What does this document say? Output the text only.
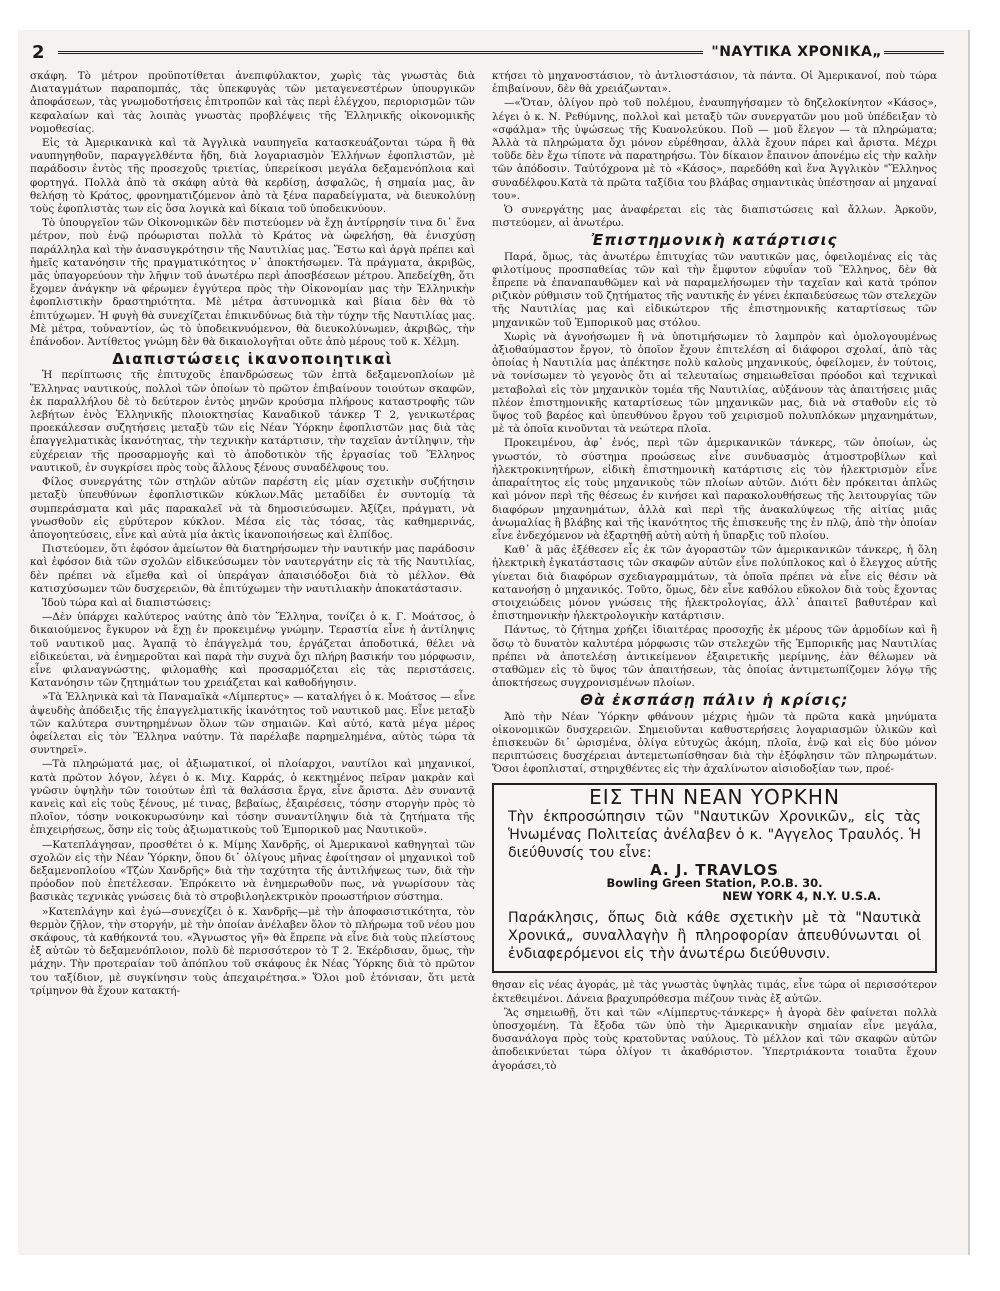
2	"ΝΑΥΤΙΚΑ ΧΡΟΝΙΚΑ„

σκάφη. Τὸ μέτρον προϋποτίθεται ἀνεπιφύλακτον, χωρὶς τὰς γνωστὰς διὰ Διαταγμάτων παραπομπάς, τὰς ὑπεκφυγὰς τῶν μεταγενεστέρων ὑπουργικῶν ἀποφάσεων, τὰς γνωμοδοτήσεις ἐπιτροπῶν καὶ τὰς περὶ ἐλέγχου, περιορισμῶν τῶν κεφαλαίων καὶ τὰς λοιπὰς γνωστὰς προβλέψεις τῆς Ἑλληνικῆς οἰκονομικῆς νομοθεσίας.

Εἰς τὰ Ἀμερικανικὰ καὶ τὰ Ἀγγλικὰ ναυπηγεῖα κατασκευάζονται τώρα ἢ θὰ ναυπηγηθοῦν, παραγγελθέντα ἤδη, διὰ λογαριασμὸν Ἑλλήνων ἐφοπλιστῶν, μὲ παράδοσιν ἐντὸς τῆς προσεχοῦς τριετίας, ὑπερείκοσι μεγάλα δεξαμενόπλοια καὶ φορτηγά. Πολλὰ ἀπὸ τὰ σκάφη αὐτὰ θὰ κερδίσῃ, ἀσφαλῶς, ἡ σημαία μας, ἂν θελήσῃ τὸ Κράτος, φρονηματιζόμενον ἀπὸ τὰ ξένα παραδείγματα, νὰ διευκολύνῃ τοὺς ἐφοπλιστὰς των εἰς ὅσα λογικὰ καὶ δίκαια τοῦ ὑποδεικνύουν.

Τὸ ὑπουργεῖον τῶν Οἰκονομικῶν δὲν πιστεύομεν νὰ ἔχῃ ἀντίρρησίν τινα δι᾽ ἕνα μέτρον, ποὺ ἐνῷ πρόωρισται πολλὰ τὸ Κράτος νὰ ὠφελήσῃ, θὰ ἐνισχύσῃ παράλληλα καὶ τὴν ἀνασυγκρότησιν τῆς Ναυτιλίας μας. Ἔστω καὶ ἀργὰ πρέπει καὶ ἡμεῖς κατανόησιν τῆς πραγματικότητος ν᾽ ἀποκτήσωμεν. Τὰ πράγματα, ἀκριβῶς, μᾶς ὑπαγορεύουν τὴν λῆψιν τοῦ ἀνωτέρω περὶ ἀποσβέσεων μέτρου. Ἀπεδείχθη, ὅτι ἔχομεν ἀνάγκην νὰ φέρωμεν ἐγγύτερα πρὸς τὴν Οἰκονομίαν μας τὴν Ἑλληνικὴν ἐφοπλιστικὴν δραστηριότητα. Μὲ μέτρα ἀστυνομικὰ καὶ βίαια δὲν θὰ τὸ ἐπιτύχωμεν. Ἡ φυγὴ θὰ συνεχίζεται ἐπικινδύνως διὰ τὴν τύχην τῆς Ναυτιλίας μας. Μὲ μέτρα, τοὐναντίον, ὡς τὸ ὑποδεικνυόμενον, θὰ διευκολύνωμεν, ἀκριβῶς, τὴν ἐπάνοδον. Ἀντίθετος γνώμη δὲν θὰ δικαιολογῆται οὔτε ἀπὸ μέρους τοῦ κ. Χέλμη.

Διαπιστώσεις ἱκανοποιητικαὶ

Ἡ περίπτωσις τῆς ἐπιτυχοῦς ἐπανδρώσεως τῶν ἑπτὰ δεξαμενοπλοίων μὲ Ἕλληνας ναυτικούς, πολλοὶ τῶν ὁποίων τὸ πρῶτον ἐπιβαίνουν τοιούτων σκαφῶν, ἐκ παραλλήλου δὲ τὸ δεύτερον ἐντὸς μηνῶν κρούσμα πλήρους καταστροφῆς τῶν λεβήτων ἑνὸς Ἑλληνικῆς πλοιοκτησίας Καναδικοῦ τάνκερ Τ 2, γενικωτέρας προεκάλεσαν συζητήσεις μεταξὺ τῶν εἰς Νέαν Ὑόρκην ἐφοπλιστῶν μας διὰ τὰς ἐπαγγελματικὰς ἱκανότητας, τὴν τεχνικὴν κατάρτισιν, τὴν ταχεῖαν ἀντίληψιν, τὴν εὐχέρειαν τῆς προσαρμογῆς καὶ τὸ ἀποδοτικὸν τῆς ἐργασίας τοῦ Ἕλληνος ναυτικοῦ, ἐν συγκρίσει πρὸς τοὺς ἄλλους ξένους συναδέλφους του.

Φίλος συνεργάτης τῶν στηλῶν αὐτῶν παρέστη εἰς μίαν σχετικὴν συζήτησιν μεταξὺ ὑπευθύνων ἐφοπλιστικῶν κύκλων.Μᾶς μεταδίδει ἐν συντομίᾳ τὰ συμπεράσματα καὶ μᾶς παρακαλεῖ νὰ τὰ δημοσιεύσωμεν. Ἀξίζει, πράγματι, νὰ γνωσθοῦν εἰς εὐρύτερον κύκλον. Μέσα εἰς τὰς τόσας, τὰς καθημερινάς, ἀπογοητεύσεις, εἶνε καὶ αὐτὰ μία ἀκτὶς ἱκανοποιήσεως καὶ ἐλπίδος.

Πιστεύομεν, ὅτι ἐφόσον ἀμείωτον θὰ διατηρήσωμεν τὴν ναυτικήν μας παράδοσιν καὶ ἐφόσον διὰ τῶν σχολῶν εἰδικεύσωμεν τὸν ναυτεργάτην εἰς τὰ τῆς Ναυτιλίας, δὲν πρέπει νὰ εἴμεθα καὶ οἱ ὑπεράγαν ἀπαισιόδοξοι διὰ τὸ μέλλον. Θὰ κατισχύσωμεν τῶν δυσχερειῶν, θὰ ἐπιτύχωμεν τὴν ναυτιλιακὴν ἀποκατάστασιν.

Ἰδοὺ τώρα καὶ αἱ διαπιστώσεις:

—Δὲν ὑπάρχει καλύτερος ναύτης ἀπὸ τὸν Ἕλληνα, τονίζει ὁ κ. Γ. Μοάτσος, ὁ δικαιούμενος ἔγκυρον νὰ ἔχῃ ἐν προκειμένῳ γνώμην. Τεραστία εἶνε ἡ ἀντίληψις τοῦ ναυτικοῦ μας. Ἀγαπᾷ τὸ ἐπάγγελμά του, ἐργάζεται ἀποδοτικά, θέλει νὰ εἰδικεύεται, νὰ ἐνημεροῦται καὶ παρὰ τὴν συχνὰ ὄχι πλήρη βασικήν του μόρφωσιν, εἶνε φιλαναγνώστης, φιλομαθὴς καὶ προσαρμόζεται εἰς τὰς περιστάσεις. Κατανόησιν τῶν ζητημάτων του χρειάζεται καὶ καθοδήγησιν.

»Τὰ Ἑλληνικὰ καὶ τὰ Παναμαϊκὰ «Λίμπερτυς» — καταλήγει ὁ κ. Μοάτσος — εἶνε ἀψευδὴς ἀπόδειξις τῆς ἐπαγγελματικῆς ἱκανότητος τοῦ ναυτικοῦ μας. Εἶνε μεταξὺ τῶν καλύτερα συντηρημένων ὅλων τῶν σημαιῶν. Καὶ αὐτό, κατὰ μέγα μέρος ὀφείλεται εἰς τὸν Ἕλληνα ναύτην. Τὰ παρέλαβε παρημελημένα, αὐτὸς τώρα τὰ συντηρεῖ».

—Τὰ πληρώματά μας, οἱ ἀξιωματικοί, οἱ πλοίαρχοι, ναυτίλοι καὶ μηχανικοί, κατὰ πρῶτον λόγον, λέγει ὁ κ. Μιχ. Καρράς, ὁ κεκτημένος πεῖραν μακρὰν καὶ γνῶσιν ὑψηλὴν τῶν τοιούτων ἐπὶ τὰ θαλάσσια ἔργα, εἶνε ἄριστα. Δὲν συναντᾷ κανεὶς καὶ εἰς τοὺς ξένους, μέ τινας, βεβαίως, ἐξαιρέσεις, τόσην στοργὴν πρὸς τὸ πλοῖον, τόσην νοικοκυρωσύνην καὶ τόσην συναντίληψιν διὰ τὰ ζητήματα τῆς ἐπιχειρήσεως, ὅσην εἰς τοὺς ἀξιωματικοὺς τοῦ Ἐμπορικοῦ μας Ναυτικοῦ».

—Κατεπλάγησαν, προσθέτει ὁ κ. Μίμης Χανδρῆς, οἱ Ἀμερικανοὶ καθηγηταὶ τῶν σχολῶν εἰς τὴν Νέαν Ὑόρκην, ὅπου δι᾽ ὀλίγους μῆνας ἐφοίτησαν οἱ μηχανικοὶ τοῦ δεξαμενοπλοίου «Τζὼν Χανδρῆς» διὰ τὴν ταχύτητα τῆς ἀντιλήψεως των, διὰ τὴν πρόοδον ποὺ ἐπετέλεσαν. Ἐπρόκειτο νὰ ἐνημερωθοῦν πως, νὰ γνωρίσουν τὰς βασικὰς τεχνικὰς γνώσεις διὰ τὸ στροβιλοηλεκτρικὸν προωστήριον σύστημα.

»Κατεπλάγην καὶ ἐγώ—συνεχίζει ὁ κ. Χανδρῆς—μὲ τὴν ἀποφασιστικότητα, τὸν θερμὸν ζῆλον, τὴν στοργήν, μὲ τὴν ὁποίαν ἀνέλαβεν ὅλον τὸ πλήρωμα τοῦ νέου μου σκάφους, τὰ καθήκοντά του. «Ἄγνωστος γῆ» θὰ ἔπρεπε νὰ εἶνε διὰ τοὺς πλείστους ἐξ αὐτῶν τὸ δεξαμενόπλοιον, πολὺ δὲ περισσότερον τὸ Τ 2. Ἐκέρδισαν, ὅμως, τὴν μάχην. Τὴν προτεραίαν τοῦ ἀπόπλου τοῦ σκάφους ἐκ Νέας Ὑόρκης διὰ τὸ πρῶτον του ταξίδιον, μὲ συγκίνησιν τοὺς ἀπεχαιρέτησα.» Ὅλοι μοῦ ἐτόνισαν, ὅτι μετὰ τρίμηνον θὰ ἔχουν κατακτή-

κτήσει τὸ μηχανοστάσιον, τὸ ἀντλιοστάσιον, τὰ πάντα. Οἱ Ἀμερικανοί, ποὺ τώρα ἐπιβαίνουν, δὲν θὰ χρειάζωνται».

—«Ὅταν, ὀλίγον πρὸ τοῦ πολέμου, ἐναυπηγήσαμεν τὸ δηζελοκίνητον «Κάσος», λέγει ὁ κ. Ν. Ρεθύμνης, πολλοὶ καὶ μεταξὺ τῶν συνεργατῶν μου μοῦ ὑπέδειξαν τὸ «σφάλμα» τῆς ὑψώσεως τῆς Κυανολεύκου. Ποῦ — μοῦ ἔλεγον — τὰ πληρώματα; Ἀλλὰ τὰ πληρώματα ὄχι μόνον εὑρέθησαν, ἀλλὰ ἔχουν πάρει καὶ ἄριστα. Μέχρι τοῦδε δὲν ἔχω τίποτε νὰ παρατηρήσω. Τὸν δίκαιον ἔπαινον ἀπονέμω εἰς τὴν καλὴν τῶν ἀπόδοσιν. Ταὐτόχρονα μὲ τὸ «Κάσος», παρεδόθη καὶ ἕνα Ἀγγλικὸν "Ἕλληνος συναδέλφου.Κατὰ τὰ πρῶτα ταξίδια του βλάβας σημαντικὰς ὑπέστησαν αἱ μηχαναί του».

Ὁ συνεργάτης μας ἀναφέρεται εἰς τὰς διαπιστώσεις καὶ ἄλλων. Ἀρκοῦν, πιστεύομεν, αἱ ἀνωτέρω.

Ἐπιστημονικὴ κατάρτισις

Παρά, ὅμως, τὰς ἀνωτέρω ἐπιτυχίας τῶν ναυτικῶν μας, ὀφειλομένας εἰς τὰς φιλοτίμους προσπαθείας τῶν καὶ τὴν ἔμφυτον εὐφυΐαν τοῦ Ἕλληνος, δὲν θὰ ἔπρεπε νὰ ἐπαναπαυθῶμεν καὶ νὰ παραμελήσωμεν τὴν ταχεῖαν καὶ κατὰ τρόπον ριζικὸν ρύθμισιν τοῦ ζητήματος τῆς ναυτικῆς ἐν γένει ἐκπαιδεύσεως τῶν στελεχῶν τῆς Ναυτιλίας μας καὶ εἰδικώτερον τῆς ἐπιστημονικῆς καταρτίσεως τῶν μηχανικῶν τοῦ Ἐμπορικοῦ μας στόλου.

Χωρὶς νὰ ἀγνοήσωμεν ἢ νὰ ὑποτιμήσωμεν τὸ λαμπρὸν καὶ ὁμολογουμένως ἀξιοθαύμαστον ἔργον, τὸ ὁποῖον ἔχουν ἐπιτελέση αἱ διάφοροι σχολαί, ἀπὸ τὰς ὁποίας ἡ Ναυτιλία μας ἀπέκτησε πολὺ καλοὺς μηχανικούς, ὀφείλομεν, ἐν τούτοις, νὰ τονίσωμεν τὸ γεγονὸς ὅτι αἱ τελευταίως σημειωθεῖσαι πρόοδοι καὶ τεχνικαὶ μεταβολαὶ εἰς τὸν μηχανικὸν τομέα τῆς Ναυτιλίας, αὐξάνουν τὰς ἀπαιτήσεις μιᾶς πλέον ἐπιστημονικῆς καταρτίσεως τῶν μηχανικῶν μας, διὰ νὰ σταθοῦν εἰς τὸ ὕψος τοῦ βαρέος καὶ ὑπευθύνου ἔργου τοῦ χειρισμοῦ πολυπλόκων μηχανημάτων, μὲ τὰ ὁποῖα κινοῦνται τὰ νεώτερα πλοῖα.

Προκειμένου, ἀφ᾽ ἑνός, περὶ τῶν ἀμερικανικῶν τάνκερς, τῶν ὁποίων, ὡς γνωστόν, τὸ σύστημα προώσεως εἶνε συνδυασμὸς ἀτμοστροβίλων καὶ ἠλεκτροκινητήρων, εἰδικὴ ἐπιστημονικὴ κατάρτισις εἰς τὸν ἠλεκτρισμὸν εἶνε ἀπαραίτητος εἰς τοὺς μηχανικοὺς τῶν πλοίων αὐτῶν. Διότι δὲν πρόκειται ἁπλῶς καὶ μόνον περὶ τῆς θέσεως ἐν κινήσει καὶ παρακολουθήσεως τῆς λειτουργίας τῶν διαφόρων μηχανημάτων, ἀλλὰ καὶ περὶ τῆς ἀνακαλύψεως τῆς αἰτίας μιᾶς ἀνωμαλίας ἢ βλάβης καὶ τῆς ἱκανότητος τῆς ἐπισκευῆς της ἐν πλῷ, ἀπὸ τὴν ὁποίαν εἶνε ἐνδεχόμενον νὰ ἐξαρτηθῇ αὐτὴ αὐτὴ ἡ ὕπαρξις τοῦ πλοίου.

Καθ᾽ ἃ μᾶς ἐξέθεσεν εἷς ἐκ τῶν ἀγοραστῶν τῶν ἀμερικανικῶν τάνκερς, ἡ ὅλη ἠλεκτρικὴ ἐγκατάστασις τῶν σκαφῶν αὐτῶν εἶνε πολύπλοκος καὶ ὁ ἔλεγχος αὐτῆς γίνεται διὰ διαφόρων σχεδιαγραμμάτων, τὰ ὁποῖα πρέπει νὰ εἶνε εἰς θέσιν νὰ κατανοήσῃ ὁ μηχανικός. Τοῦτο, ὅμως, δὲν εἶνε καθόλου εὔκολον διὰ τοὺς ἔχοντας στοιχειώδεις μόνον γνώσεις τῆς ἠλεκτρολογίας, ἀλλ᾽ ἀπαιτεῖ βαθυτέραν καὶ ἐπιστημονικὴν ἠλεκτρολογικὴν κατάρτισιν.

Πάντως, τὸ ζήτημα χρήζει ἰδιαιτέρας προσοχῆς ἐκ μέρους τῶν ἁρμοδίων καὶ ἢ ὅσῳ τὸ δυνατὸν καλυτέρα μόρφωσις τῶν στελεχῶν τῆς Ἐμπορικῆς μας Ναυτιλίας πρέπει νὰ ἀποτελέσῃ ἀντικείμενον ἐξαιρετικῆς μερίμνης, ἐὰν θέλωμεν νὰ σταθῶμεν εἰς τὸ ὕψος τῶν ἀπαιτήσεων, τὰς ὁποίας ἀντιμετωπίζομεν λόγῳ τῆς ἀποκτήσεως συγχρονισμένων πλοίων.

Θὰ ἐκσπάσῃ πάλιν ἡ κρίσις;

Ἀπὸ τὴν Νέαν Ὑόρκην φθάνουν μέχρις ἡμῶν τὰ πρῶτα κακὰ μηνύματα οἰκονομικῶν δυσχερειῶν. Σημειοῦνται καθυστερήσεις λογαριασμῶν ὑλικῶν καὶ ἐπισκευῶν δι᾽ ὡρισμένα, ὀλίγα εὐτυχῶς ἀκόμη, πλοῖα, ἐνῷ καὶ εἰς δύο μόνον περιπτώσεις δυσχέρειαι ἀντεμετωπίσθησαν διὰ τὴν ἐξόφλησιν τῶν πληρωμάτων. Ὅσοι ἐφοπλισταί, στηριχθέντες εἰς τὴν ἀχαλίνωτον αἰσιοδοξίαν των, προέ-

ΕΙΣ ΤΗΝ ΝΕΑΝ ΥΟΡΚΗΝ
Τὴν ἐκπροσώπησιν τῶν "Ναυτικῶν Χρονικῶν„ εἰς τὰς Ἡνωμένας Πολιτείας ἀνέλαβεν ὁ κ. "Αγγελος Τραυλός. Ἡ διεύθυνσίς του εἶνε:
A. J. TRAVLOS
Bowling Green Station, P.O.B. 30.
NEW YORK 4, N.Y. U.S.A.
Παράκλησις, ὅπως διὰ κάθε σχετικὴν μὲ τὰ "Ναυτικὰ Χρονικά„ συναλλαγὴν ἢ πληροφορίαν ἀπευθύνωνται οἱ ἐνδιαφερόμενοι εἰς τὴν ἀνωτέρω διεύθυνσιν.

θησαν εἰς νέας ἀγοράς, μὲ τὰς γνωστὰς ὑψηλὰς τιμάς, εἶνε τώρα οἱ περισσότερον ἐκτεθειμένοι. Δάνεια βραχυπρόθεσμα πιέζουν τινὰς ἐξ αὐτῶν.

Ἂς σημειωθῇ, ὅτι καὶ τῶν «Λίμπερτυς-τάνκερς» ἡ ἀγορὰ δὲν φαίνεται πολλὰ ὑποσχομένη. Τὰ ἔξοδα τῶν ὑπὸ τὴν Ἀμερικανικὴν σημαίαν εἶνε μεγάλα, δυσανάλογα πρὸς τοὺς κρατοῦντας ναύλους. Τὸ μέλλον καὶ τῶν σκαφῶν αὐτῶν ἀποδεικνύεται τώρα ὀλίγον τι ἀκαθόριστον. Ὑπερτριάκοντα τοιαῦτα ἔχουν ἀγοράσει,τὸ
